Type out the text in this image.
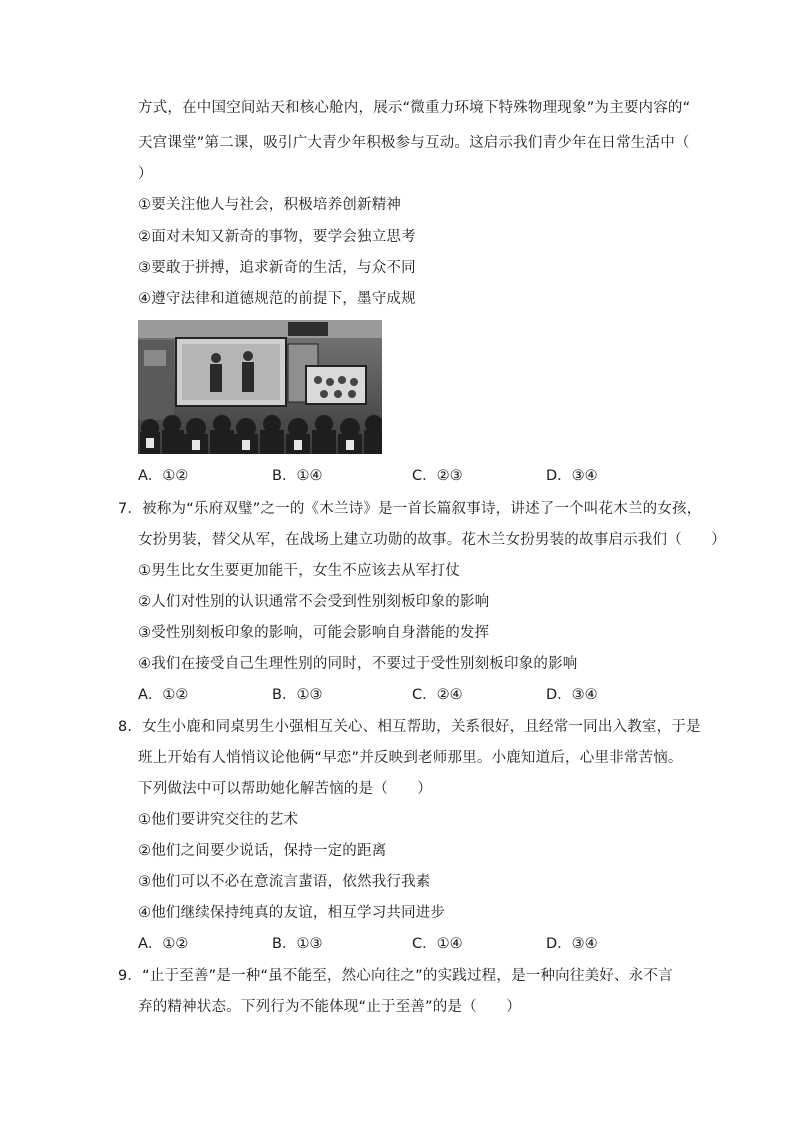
方式，在中国空间站天和核心舱内，展示“微重力环境下特殊物理现象”为主要内容的“
天宫课堂”第二课，吸引广大青少年积极参与互动。这启示我们青少年在日常生活中（
）
①要关注他人与社会，积极培养创新精神
②面对未知又新奇的事物，要学会独立思考
③要敢于拼搏，追求新奇的生活，与众不同
④遵守法律和道德规范的前提下，墨守成规
A．①②	B．①④	C．②③	D．③④
7．被称为“乐府双璧”之一的《木兰诗》是一首长篇叙事诗，讲述了一个叫花木兰的女孩，
女扮男装，替父从军，在战场上建立功勋的故事。花木兰女扮男装的故事启示我们（　　）
①男生比女生要更加能干，女生不应该去从军打仗
②人们对性别的认识通常不会受到性别刻板印象的影响
③受性别刻板印象的影响，可能会影响自身潜能的发挥
④我们在接受自己生理性别的同时，不要过于受性别刻板印象的影响
A．①②	B．①③	C．②④	D．③④
8．女生小鹿和同桌男生小强相互关心、相互帮助，关系很好，且经常一同出入教室，于是
班上开始有人悄悄议论他俩“早恋”并反映到老师那里。小鹿知道后，心里非常苦恼。
下列做法中可以帮助她化解苦恼的是（　　）
①他们要讲究交往的艺术
②他们之间要少说话，保持一定的距离
③他们可以不必在意流言蜚语，依然我行我素
④他们继续保持纯真的友谊，相互学习共同进步
A．①②	B．①③	C．①④	D．③④
9．“止于至善”是一种“虽不能至，然心向往之”的实践过程，是一种向往美好、永不言
弃的精神状态。下列行为不能体现“止于至善”的是（　　）
